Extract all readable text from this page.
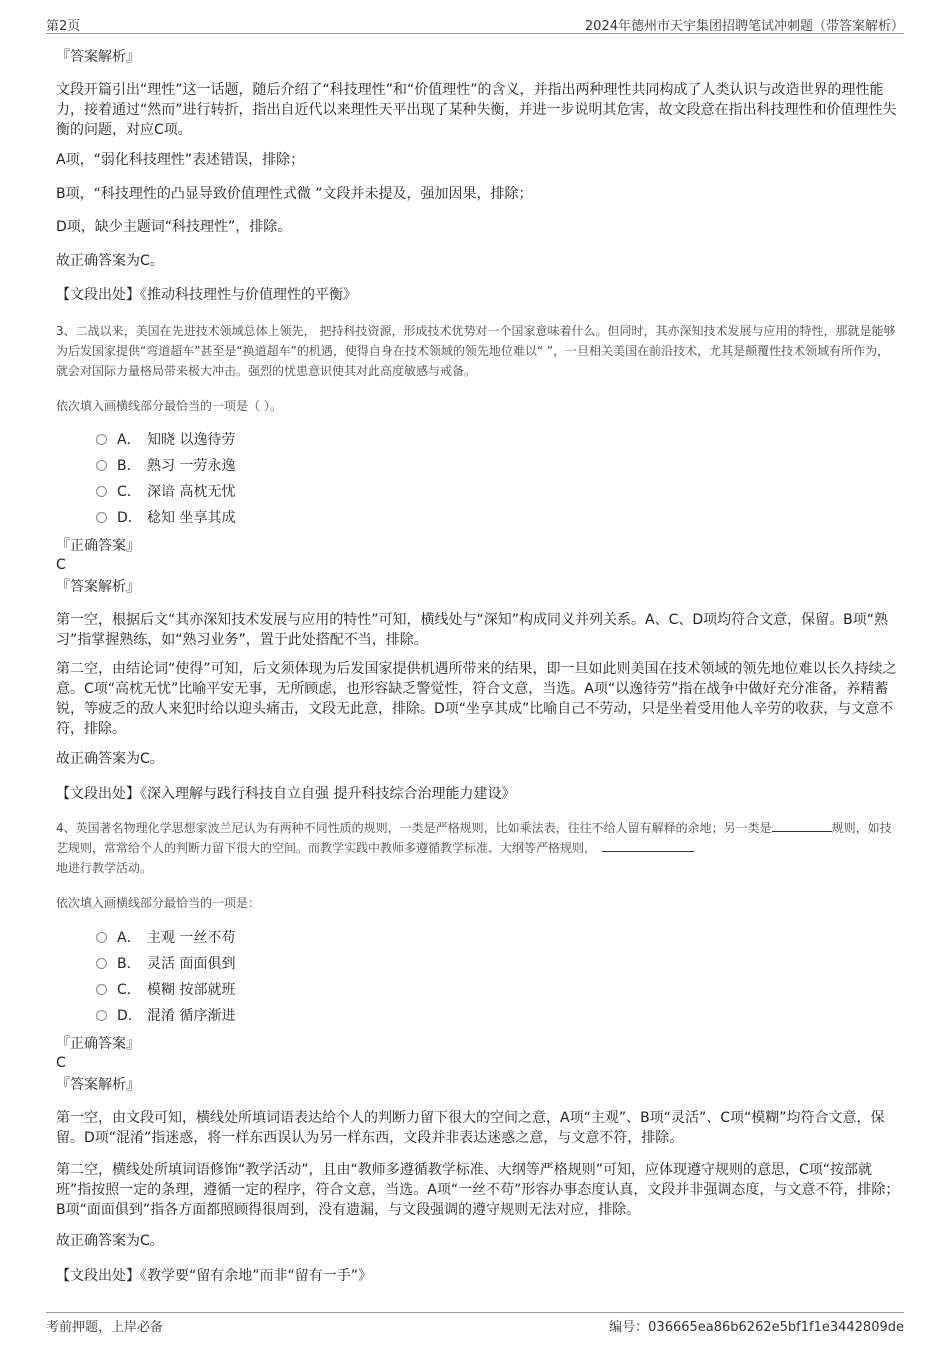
第2页	2024年德州市天宇集团招聘笔试冲刺题（带答案解析）
『答案解析』
文段开篇引出“理性”这一话题，随后介绍了“科技理性”和“价值理性”的含义，并指出两种理性共同构成了人类认识与改造世界的理性能力，接着通过“然而”进行转折，指出自近代以来理性天平出现了某种失衡，并进一步说明其危害，故文段意在指出科技理性和价值理性失衡的问题，对应C项。
A项，“弱化科技理性”表述错误，排除；
B项，“科技理性的凸显导致价值理性式微 ”文段并未提及，强加因果，排除；
D项，缺少主题词“科技理性”，排除。
故正确答案为C。
【文段出处】《推动科技理性与价值理性的平衡》
3、二战以来，美国在先进技术领域总体上领先， 把持科技资源，形成技术优势对一个国家意味着什么。但同时，其亦深知技术发展与应用的特性，那就是能够为后发国家提供“弯道超车”甚至是“换道超车”的机遇，使得自身在技术领域的领先地位难以“ ”，一旦相关美国在前沿技术，尤其是颠覆性技术领域有所作为，就会对国际力量格局带来极大冲击。强烈的忧患意识使其对此高度敏感与戒备。
依次填入画横线部分最恰当的一项是（ ）。
A． 知晓 以逸待劳
B． 熟习 一劳永逸
C． 深谙 高枕无忧
D． 稔知 坐享其成
『正确答案』
C
『答案解析』
第一空，根据后文“其亦深知技术发展与应用的特性”可知，横线处与“深知”构成同义并列关系。A、C、D项均符合文意，保留。B项“熟习”指掌握熟练，如“熟习业务”，置于此处搭配不当，排除。
第二空，由结论词“使得”可知，后文须体现为后发国家提供机遇所带来的结果，即一旦如此则美国在技术领域的领先地位难以长久持续之意。C项“高枕无忧”比喻平安无事，无所顾虑，也形容缺乏警觉性，符合文意，当选。A项“以逸待劳”指在战争中做好充分准备，养精蓄锐，等疲乏的敌人来犯时给以迎头痛击，文段无此意，排除。D项“坐享其成”比喻自己不劳动，只是坐着受用他人辛劳的收获，与文意不符，排除。
故正确答案为C。
【文段出处】《深入理解与践行科技自立自强 提升科技综合治理能力建设》
4、英国著名物理化学思想家波兰尼认为有两种不同性质的规则，一类是严格规则，比如乘法表，往往不给人留有解释的余地；另一类是	规则，如技艺规则，常常给个人的判断力留下很大的空间。而教学实践中教师多遵循教学标准、大纲等严格规则，
地进行教学活动。
依次填入画横线部分最恰当的一项是：
A． 主观 一丝不苟
B． 灵活 面面俱到
C． 模糊 按部就班
D． 混淆 循序渐进
『正确答案』
C
『答案解析』
第一空，由文段可知，横线处所填词语表达给个人的判断力留下很大的空间之意，A项“主观”、B项“灵活”、C项“模糊”均符合文意，保留。D项“混淆”指迷惑，将一样东西误认为另一样东西，文段并非表达迷惑之意，与文意不符，排除。
第二空，横线处所填词语修饰“教学活动”，且由“教师多遵循教学标准、大纲等严格规则”可知，应体现遵守规则的意思，C项“按部就班”指按照一定的条理，遵循一定的程序，符合文意，当选。A项“一丝不苟”形容办事态度认真，文段并非强调态度，与文意不符，排除；B项“面面俱到”指各方面都照顾得很周到，没有遗漏，与文段强调的遵守规则无法对应，排除。
故正确答案为C。
【文段出处】《教学要“留有余地”而非“留有一手”》
考前押题，上岸必备	编号：036665ea86b6262e5bf1f1e3442809de
